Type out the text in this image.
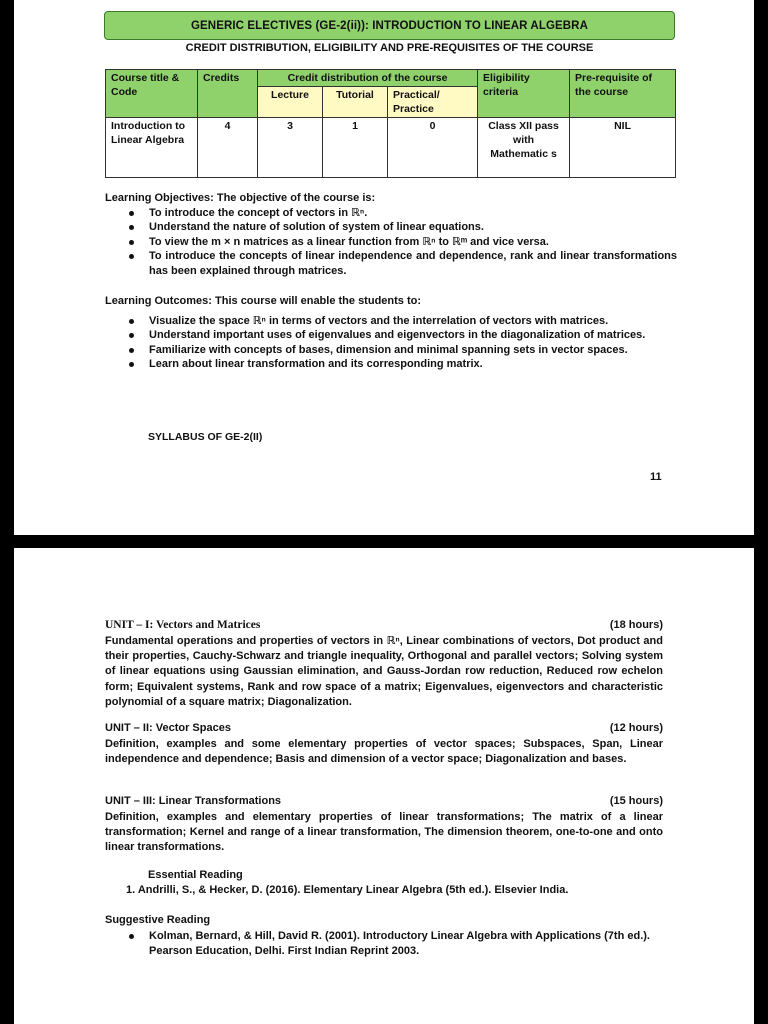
GENERIC ELECTIVES (GE-2(ii)): INTRODUCTION TO LINEAR ALGEBRA
CREDIT DISTRIBUTION, ELIGIBILITY AND PRE-REQUISITES OF THE COURSE
Course title & Code	Credits	Credit distribution of the course			Eligibility criteria	Pre-requisite of the course
		Lecture	Tutorial	Practical/ Practice		
Introduction to Linear Algebra	4	3	1	0	Class XII pass with Mathematic s	NIL
Learning Objectives: The objective of the course is:
To introduce the concept of vectors in ℝⁿ.
Understand the nature of solution of system of linear equations.
To view the m × n matrices as a linear function from ℝⁿ to ℝᵐ and vice versa.
To introduce the concepts of linear independence and dependence, rank and linear transformations has been explained through matrices.
Learning Outcomes: This course will enable the students to:
Visualize the space ℝⁿ in terms of vectors and the interrelation of vectors with matrices.
Understand important uses of eigenvalues and eigenvectors in the diagonalization of matrices.
Familiarize with concepts of bases, dimension and minimal spanning sets in vector spaces.
Learn about linear transformation and its corresponding matrix.
SYLLABUS OF GE-2(II)
11
UNIT – I: Vectors and Matrices	(18 hours)
Fundamental operations and properties of vectors in ℝⁿ, Linear combinations of vectors, Dot product and their properties, Cauchy-Schwarz and triangle inequality, Orthogonal and parallel vectors; Solving system of linear equations using Gaussian elimination, and Gauss-Jordan row reduction, Reduced row echelon form; Equivalent systems, Rank and row space of a matrix; Eigenvalues, eigenvectors and characteristic polynomial of a square matrix; Diagonalization.
UNIT – II: Vector Spaces	(12 hours)
Definition, examples and some elementary properties of vector spaces; Subspaces, Span, Linear independence and dependence; Basis and dimension of a vector space; Diagonalization and bases.
UNIT – III: Linear Transformations	(15 hours)
Definition, examples and elementary properties of linear transformations; The matrix of a linear transformation; Kernel and range of a linear transformation, The dimension theorem, one-to-one and onto linear transformations.
Essential Reading
1. Andrilli, S., & Hecker, D. (2016). Elementary Linear Algebra (5th ed.). Elsevier India.
Suggestive Reading
Kolman, Bernard, & Hill, David R. (2001). Introductory Linear Algebra with Applications (7th ed.). Pearson Education, Delhi. First Indian Reprint 2003.
